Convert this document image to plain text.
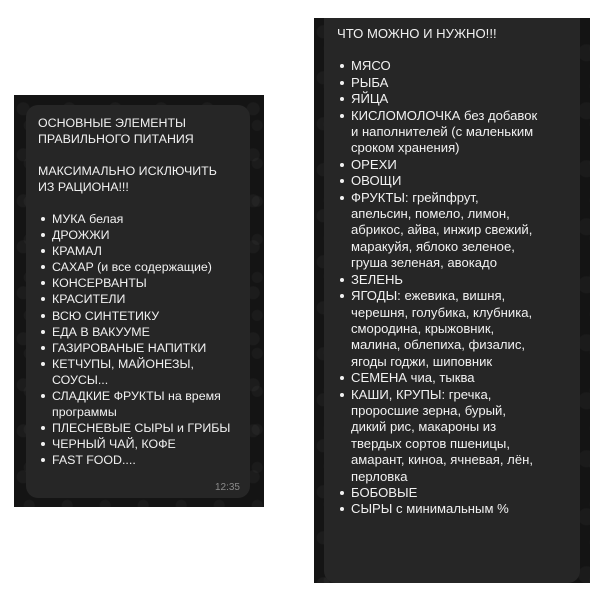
ОСНОВНЫЕ ЭЛЕМЕНТЫ

ПРАВИЛЬНОГО ПИТАНИЯ

МАКСИМАЛЬНО ИСКЛЮЧИТЬ

ИЗ РАЦИОНА!!!

МУКА белая
ДРОЖЖИ
КРАМАЛ
САХАР (и все содержащие)
КОНСЕРВАНТЫ
КРАСИТЕЛИ
ВСЮ СИНТЕТИКУ
ЕДА В ВАКУУМЕ
ГАЗИРОВАНЫЕ НАПИТКИ
КЕТЧУПЫ, МАЙОНЕЗЫ,
СОУСЫ...
СЛАДКИЕ ФРУКТЫ на время
программы
ПЛЕСНЕВЫЕ СЫРЫ и ГРИБЫ
ЧЕРНЫЙ ЧАЙ, КОФЕ
FAST FOOD....
12:35

ЧТО МОЖНО И НУЖНО!!!

МЯСО
РЫБА
ЯЙЦА
КИСЛОМОЛОЧКА без добавок
и наполнителей (с маленьким
сроком хранения)
ОРЕХИ
ОВОЩИ
ФРУКТЫ: грейпфрут,
апельсин, помело, лимон,
абрикос, айва, инжир свежий,
маракуйя, яблоко зеленое,
груша зеленая, авокадо
ЗЕЛЕНЬ
ЯГОДЫ: ежевика, вишня,
черешня, голубика, клубника,
смородина, крыжовник,
малина, облепиха, физалис,
ягоды годжи, шиповник
СЕМЕНА чиа, тыква
КАШИ, КРУПЫ: гречка,
проросшие зерна, бурый,
дикий рис, макароны из
твердых сортов пшеницы,
амарант, киноа, ячневая, лён,
перловка
БОБОВЫЕ
СЫРЫ с минимальным %
